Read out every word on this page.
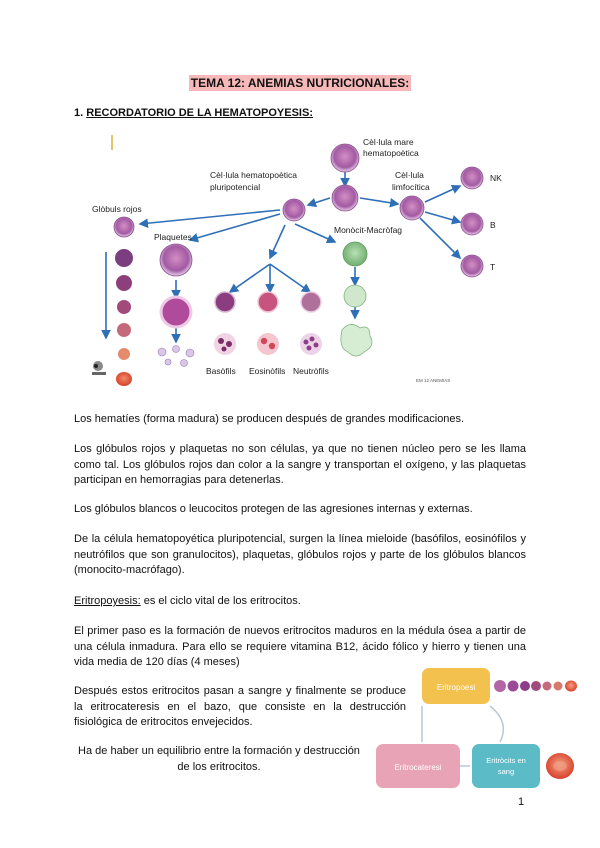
TEMA 12: ANEMIAS NUTRICIONALES:
1. RECORDATORIO DE LA HEMATOPOYESIS:
Cèl·lula mare
hematopoètica
Cèl·lula hematopoètica
pluripotencial
Cèl·lula
limfocítica
NK
B
T
Glòbuls rojos
Plaquetes
Monòcit-Macròfag
Basòfils Eosinòfils Neutròfils
EM 12 ANEMIAS

Los hematíes (forma madura) se producen después de grandes modificaciones.

Los glóbulos rojos y plaquetas no son células, ya que no tienen núcleo pero se les llama como tal. Los glóbulos rojos dan color a la sangre y transportan el oxígeno, y las plaquetas participan en hemorragias para detenerlas.

Los glóbulos blancos o leucocitos protegen de las agresiones internas y externas.

De la célula hematopoyética pluripotencial, surgen la línea mieloide (basófilos, eosinófilos y neutrófilos que son granulocitos), plaquetas, glóbulos rojos y parte de los glóbulos blancos (monocito-macrófago).

Eritropoyesis: es el ciclo vital de los eritrocitos.

El primer paso es la formación de nuevos eritrocitos maduros en la médula ósea a partir de una célula inmadura. Para ello se requiere vitamina B12, ácido fólico y hierro y tienen una vida media de 120 días (4 meses)

Después estos eritrocitos pasan a sangre y finalmente se produce la eritrocateresis en el bazo, que consiste en la destrucción fisiológica de eritrocitos envejecidos.

Ha de haber un equilibrio entre la formación y destrucción de los eritrocitos.

Eritropoesi
Eritrocateresi
Eritròcits en
sang
1
